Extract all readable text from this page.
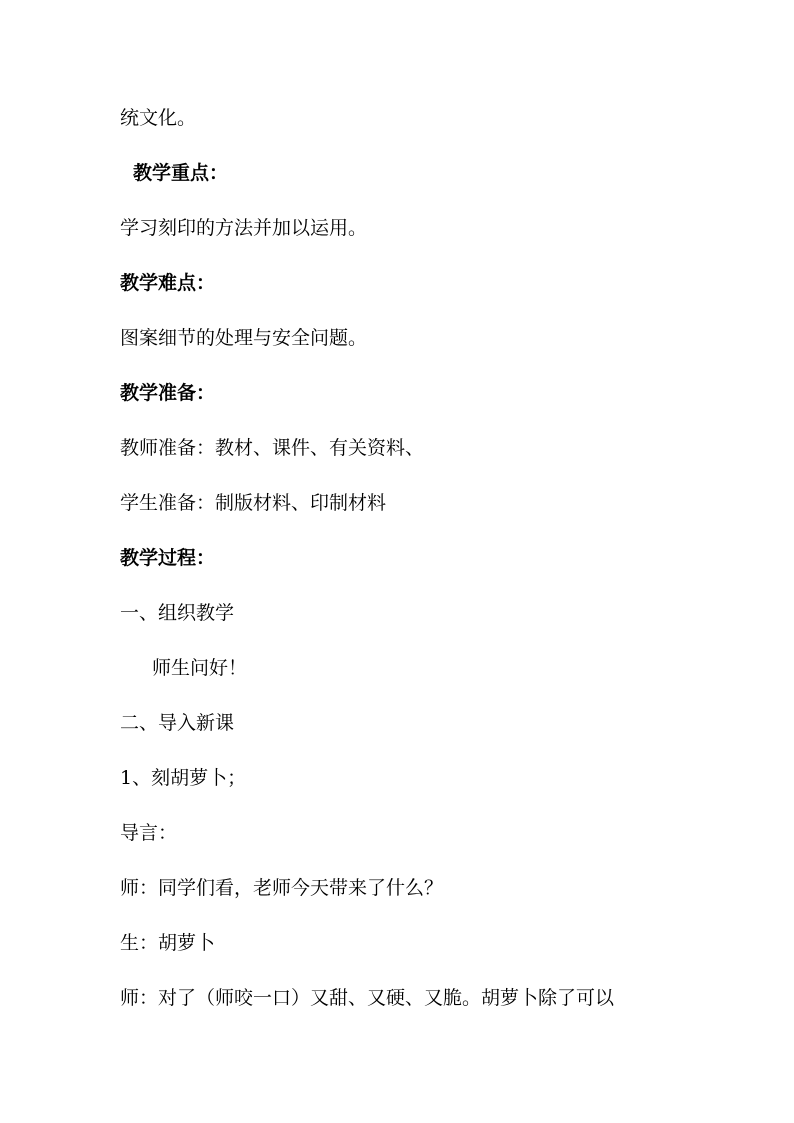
统文化。
教学重点：
学习刻印的方法并加以运用。
教学难点：
图案细节的处理与安全问题。
教学准备：
教师准备：教材、课件、有关资料、
学生准备：制版材料、印制材料
教学过程：
一、组织教学
师生问好！
二、导入新课
1、刻胡萝卜；
导言：
师：同学们看，老师今天带来了什么？
生：胡萝卜
师：对了（师咬一口）又甜、又硬、又脆。胡萝卜除了可以
